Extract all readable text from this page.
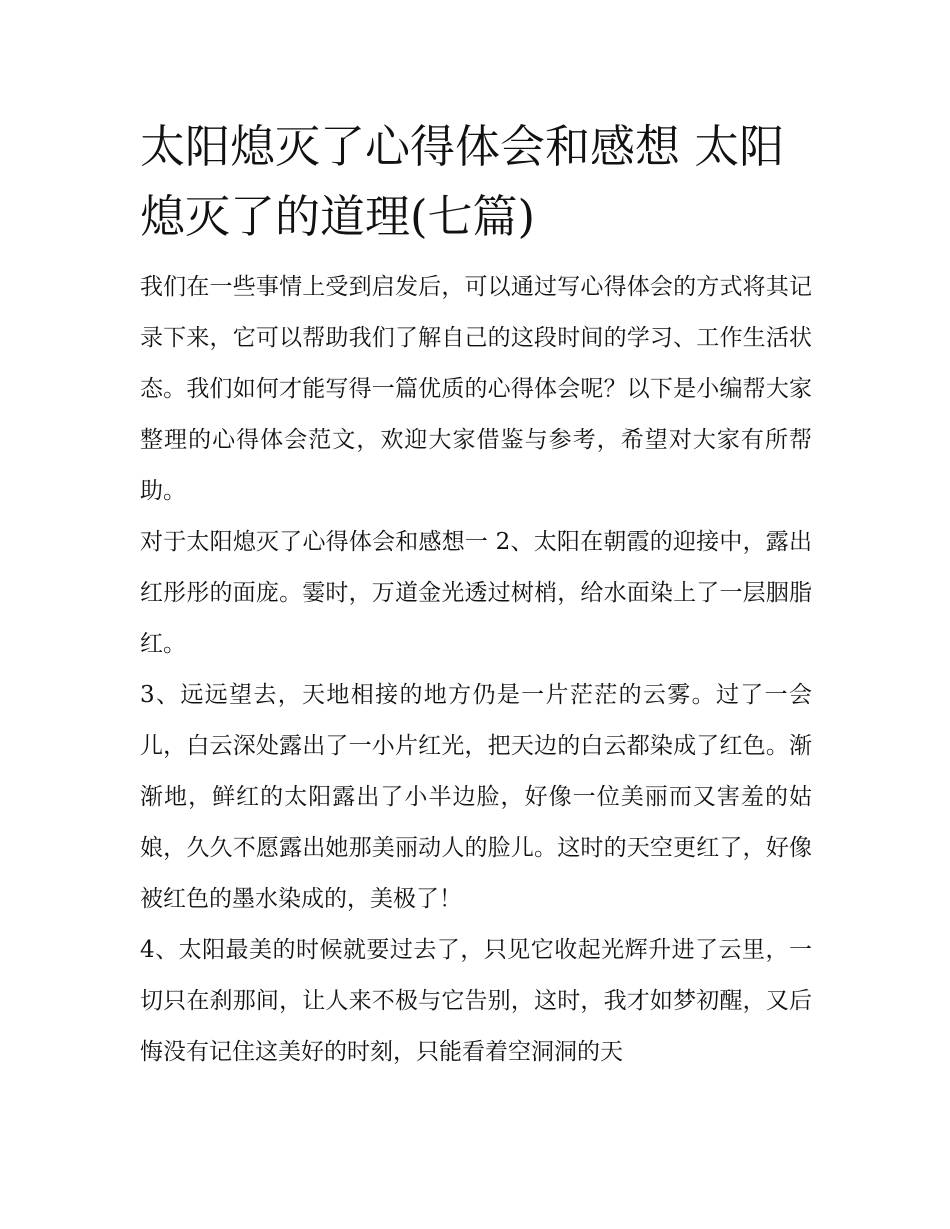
太阳熄灭了心得体会和感想 太阳熄灭了的道理(七篇)

我们在一些事情上受到启发后，可以通过写心得体会的方式将其记录下来，它可以帮助我们了解自己的这段时间的学习、工作生活状态。我们如何才能写得一篇优质的心得体会呢？以下是小编帮大家整理的心得体会范文，欢迎大家借鉴与参考，希望对大家有所帮助。

对于太阳熄灭了心得体会和感想一 2、太阳在朝霞的迎接中，露出红彤彤的面庞。霎时，万道金光透过树梢，给水面染上了一层胭脂红。

3、远远望去，天地相接的地方仍是一片茫茫的云雾。过了一会儿，白云深处露出了一小片红光，把天边的白云都染成了红色。渐渐地，鲜红的太阳露出了小半边脸，好像一位美丽而又害羞的姑娘，久久不愿露出她那美丽动人的脸儿。这时的天空更红了，好像被红色的墨水染成的，美极了！

4、太阳最美的时候就要过去了，只见它收起光辉升进了云里，一切只在刹那间，让人来不极与它告别，这时，我才如梦初醒，又后悔没有记住这美好的时刻，只能看着空洞洞的天
